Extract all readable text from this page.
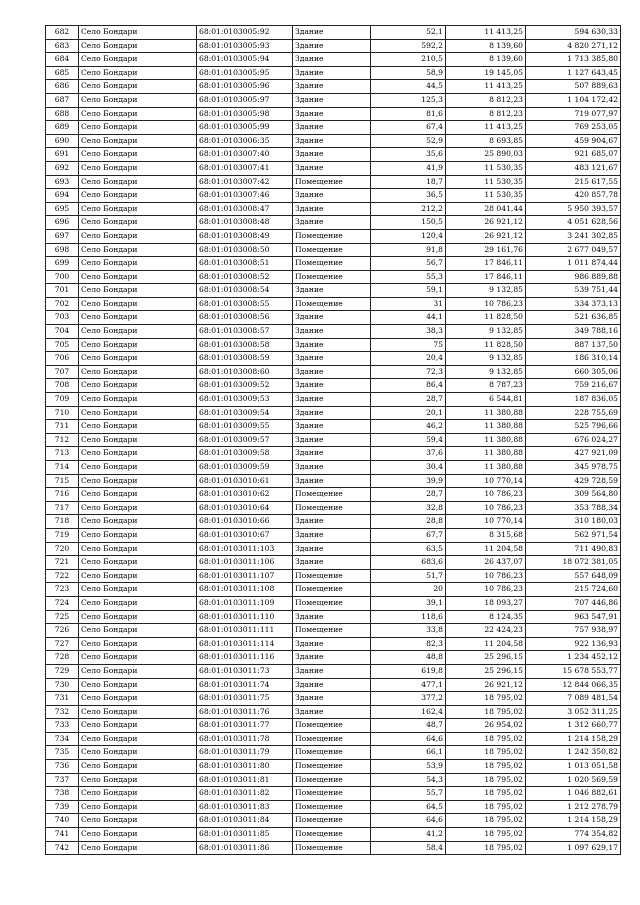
682	Село Бондари	68:01:0103005:92	Здание	52,1	11 413,25	594 630,33
683	Село Бондари	68:01:0103005:93	Здание	592,2	8 139,60	4 820 271,12
684	Село Бондари	68:01:0103005:94	Здание	210,5	8 139,60	1 713 385,80
685	Село Бондари	68:01:0103005:95	Здание	58,9	19 145,05	1 127 643,45
686	Село Бондари	68:01:0103005:96	Здание	44,5	11 413,25	507 889,63
687	Село Бондари	68:01:0103005:97	Здание	125,3	8 812,23	1 104 172,42
688	Село Бондари	68:01:0103005:98	Здание	81,6	8 812,23	719 077,97
689	Село Бондари	68:01:0103005:99	Здание	67,4	11 413,25	769 253,05
690	Село Бондари	68:01:0103006:35	Здание	52,9	8 693,85	459 904,67
691	Село Бондари	68:01:0103007:40	Здание	35,6	25 890,03	921 685,07
692	Село Бондари	68:01:0103007:41	Здание	41,9	11 530,35	483 121,67
693	Село Бондари	68:01:0103007:42	Помещение	18,7	11 530,35	215 617,55
694	Село Бондари	68:01:0103007:46	Здание	36,5	11 530,35	420 857,78
695	Село Бондари	68:01:0103008:47	Здание	212,2	28 041,44	5 950 393,57
696	Село Бондари	68:01:0103008:48	Здание	150,5	26 921,12	4 051 628,56
697	Село Бондари	68:01:0103008:49	Помещение	120,4	26 921,12	3 241 302,85
698	Село Бондари	68:01:0103008:50	Помещение	91,8	29 161,76	2 677 049,57
699	Село Бондари	68:01:0103008:51	Помещение	56,7	17 846,11	1 011 874,44
700	Село Бондари	68:01:0103008:52	Помещение	55,3	17 846,11	986 889,88
701	Село Бондари	68:01:0103008:54	Здание	59,1	9 132,85	539 751,44
702	Село Бондари	68:01:0103008:55	Помещение	31	10 786,23	334 373,13
703	Село Бондари	68:01:0103008:56	Здание	44,1	11 828,50	521 636,85
704	Село Бондари	68:01:0103008:57	Здание	38,3	9 132,85	349 788,16
705	Село Бондари	68:01:0103008:58	Здание	75	11 828,50	887 137,50
706	Село Бондари	68:01:0103008:59	Здание	20,4	9 132,85	186 310,14
707	Село Бондари	68:01:0103008:60	Здание	72,3	9 132,85	660 305,06
708	Село Бондари	68:01:0103009:52	Здание	86,4	8 787,23	759 216,67
709	Село Бондари	68:01:0103009:53	Здание	28,7	6 544,81	187 836,05
710	Село Бондари	68:01:0103009:54	Здание	20,1	11 380,88	228 755,69
711	Село Бондари	68:01:0103009:55	Здание	46,2	11 380,88	525 796,66
712	Село Бондари	68:01:0103009:57	Здание	59,4	11 380,88	676 024,27
713	Село Бондари	68:01:0103009:58	Здание	37,6	11 380,88	427 921,09
714	Село Бондари	68:01:0103009:59	Здание	30,4	11 380,88	345 978,75
715	Село Бондари	68:01:0103010:61	Здание	39,9	10 770,14	429 728,59
716	Село Бондари	68:01:0103010:62	Помещение	28,7	10 786,23	309 564,80
717	Село Бондари	68:01:0103010:64	Помещение	32,8	10 786,23	353 788,34
718	Село Бондари	68:01:0103010:66	Здание	28,8	10 770,14	310 180,03
719	Село Бондари	68:01:0103010:67	Здание	67,7	8 315,68	562 971,54
720	Село Бондари	68:01:0103011:103	Здание	63,5	11 204,58	711 490,83
721	Село Бондари	68:01:0103011:106	Здание	683,6	26 437,07	18 072 381,05
722	Село Бондари	68:01:0103011:107	Помещение	51,7	10 786,23	557 648,09
723	Село Бондари	68:01:0103011:108	Помещение	20	10 786,23	215 724,60
724	Село Бондари	68:01:0103011:109	Помещение	39,1	18 093,27	707 446,86
725	Село Бондари	68:01:0103011:110	Здание	118,6	8 124,35	963 547,91
726	Село Бондари	68:01:0103011:111	Помещение	33,8	22 424,23	757 938,97
727	Село Бондари	68:01:0103011:114	Здание	82,3	11 204,58	922 136,93
728	Село Бондари	68:01:0103011:116	Здание	48,8	25 296,15	1 234 452,12
729	Село Бондари	68:01:0103011:73	Здание	619,8	25 296,15	15 678 553,77
730	Село Бондари	68:01:0103011:74	Здание	477,1	26 921,12	12 844 066,35
731	Село Бондари	68:01:0103011:75	Здание	377,2	18 795,02	7 089 481,54
732	Село Бондари	68:01:0103011:76	Здание	162,4	18 795,02	3 052 311,25
733	Село Бондари	68:01:0103011:77	Помещение	48,7	26 954,02	1 312 660,77
734	Село Бондари	68:01:0103011:78	Помещение	64,6	18 795,02	1 214 158,29
735	Село Бондари	68:01:0103011:79	Помещение	66,1	18 795,02	1 242 350,82
736	Село Бондари	68:01:0103011:80	Помещение	53,9	18 795,02	1 013 051,58
737	Село Бондари	68:01:0103011:81	Помещение	54,3	18 795,02	1 020 569,59
738	Село Бондари	68:01:0103011:82	Помещение	55,7	18 795,02	1 046 882,61
739	Село Бондари	68:01:0103011:83	Помещение	64,5	18 795,02	1 212 278,79
740	Село Бондари	68:01:0103011:84	Помещение	64,6	18 795,02	1 214 158,29
741	Село Бондари	68:01:0103011:85	Помещение	41,2	18 795,02	774 354,82
742	Село Бондари	68:01:0103011:86	Помещение	58,4	18 795,02	1 097 629,17
